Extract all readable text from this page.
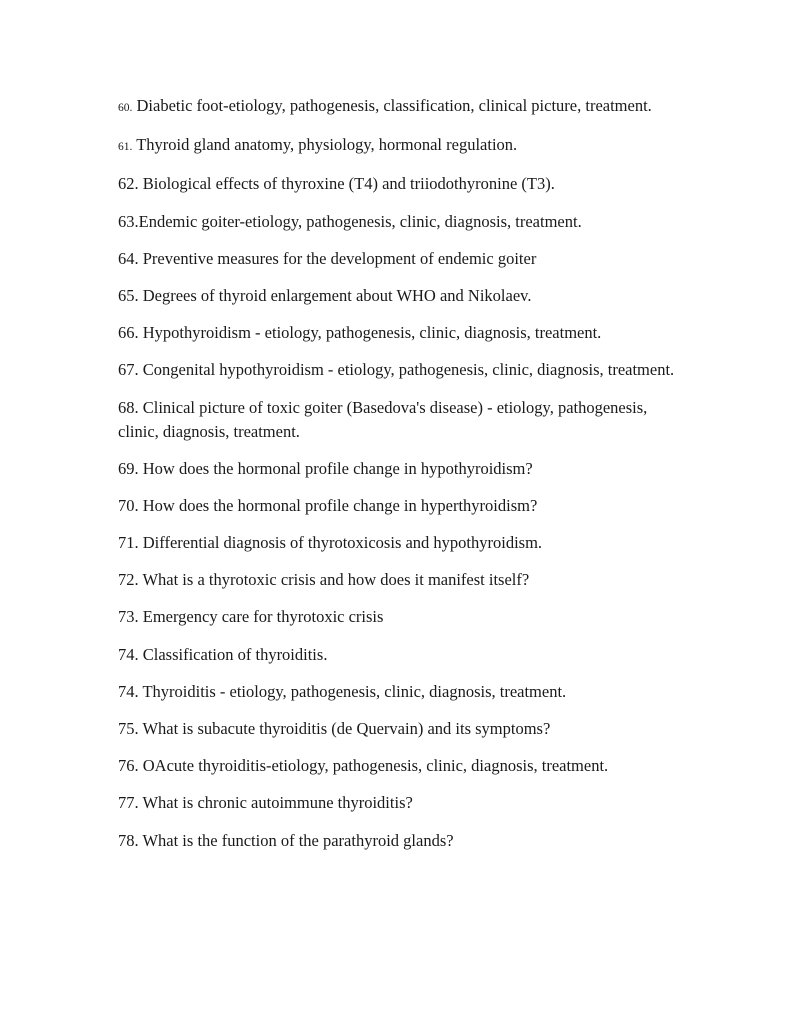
60. Diabetic foot-etiology, pathogenesis, classification, clinical picture, treatment.

61. Thyroid gland anatomy, physiology, hormonal regulation.

62. Biological effects of thyroxine (T4) and triiodothyronine (T3).

63.Endemic goiter-etiology, pathogenesis, clinic, diagnosis, treatment.

64. Preventive measures for the development of endemic goiter

65. Degrees of thyroid enlargement about WHO and Nikolaev.

66. Hypothyroidism - etiology, pathogenesis, clinic, diagnosis, treatment.

67. Congenital hypothyroidism - etiology, pathogenesis, clinic, diagnosis, treatment.

68. Clinical picture of toxic goiter (Basedova's disease) - etiology, pathogenesis, clinic, diagnosis, treatment.

69. How does the hormonal profile change in hypothyroidism?

70. How does the hormonal profile change in hyperthyroidism?

71. Differential diagnosis of thyrotoxicosis and hypothyroidism.

72. What is a thyrotoxic crisis and how does it manifest itself?

73. Emergency care for thyrotoxic crisis

74. Classification of thyroiditis.

74. Thyroiditis - etiology, pathogenesis, clinic, diagnosis, treatment.

75. What is subacute thyroiditis (de Quervain) and its symptoms?

76. OAcute thyroiditis-etiology, pathogenesis, clinic, diagnosis, treatment.

77. What is chronic autoimmune thyroiditis?

78. What is the function of the parathyroid glands?
